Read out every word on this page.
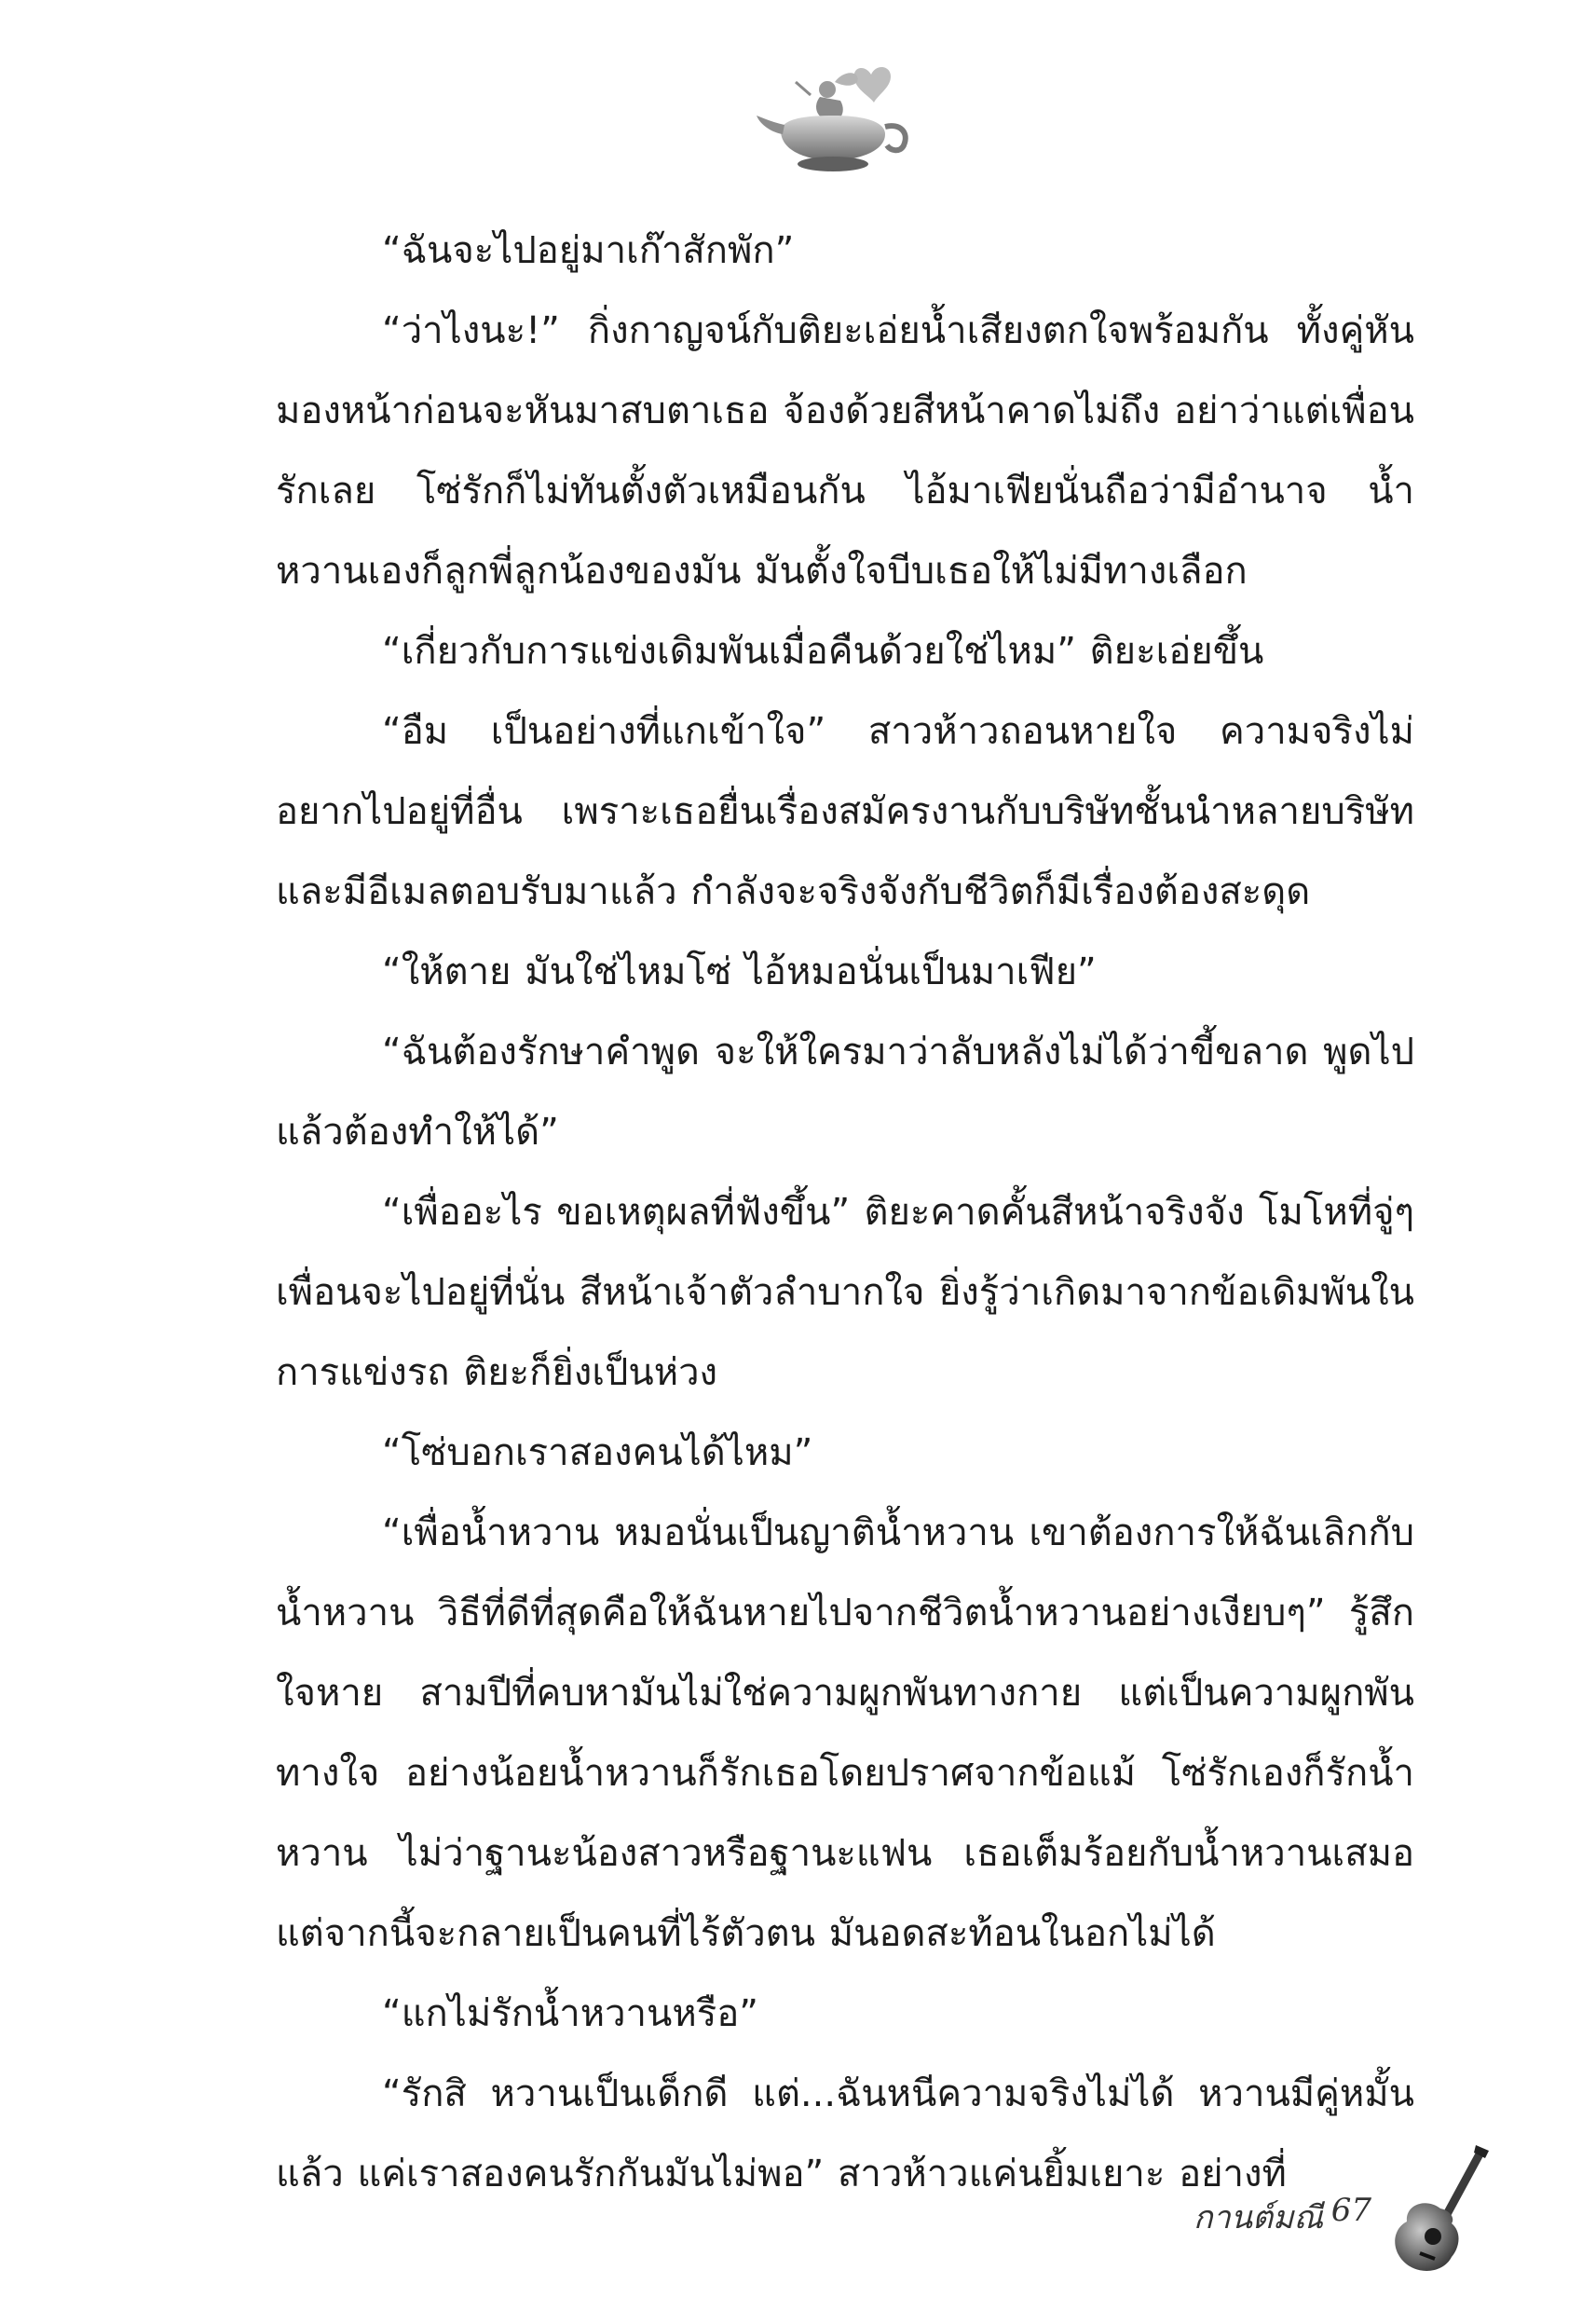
“ฉันจะไปอยู่มาเก๊าสักพัก”

“ว่าไงนะ!” กิ่งกาญจน์กับติยะเอ่ยน้ำเสียงตกใจพร้อมกัน ทั้งคู่หันมองหน้าก่อนจะหันมาสบตาเธอ จ้องด้วยสีหน้าคาดไม่ถึง อย่าว่าแต่เพื่อนรักเลย โซ่รักก็ไม่ทันตั้งตัวเหมือนกัน ไอ้มาเฟียนั่นถือว่ามีอำนาจ น้ำหวานเองก็ลูกพี่ลูกน้องของมัน มันตั้งใจบีบเธอให้ไม่มีทางเลือก

“เกี่ยวกับการแข่งเดิมพันเมื่อคืนด้วยใช่ไหม” ติยะเอ่ยขึ้น

“อืม เป็นอย่างที่แกเข้าใจ” สาวห้าวถอนหายใจ ความจริงไม่อยากไปอยู่ที่อื่น เพราะเธอยื่นเรื่องสมัครงานกับบริษัทชั้นนำหลายบริษัท และมีอีเมลตอบรับมาแล้ว กำลังจะจริงจังกับชีวิตก็มีเรื่องต้องสะดุด

“ให้ตาย มันใช่ไหมโซ่ ไอ้หมอนั่นเป็นมาเฟีย”

“ฉันต้องรักษาคำพูด จะให้ใครมาว่าลับหลังไม่ได้ว่าขี้ขลาด พูดไปแล้วต้องทำให้ได้”

“เพื่ออะไร ขอเหตุผลที่ฟังขึ้น” ติยะคาดคั้นสีหน้าจริงจัง โมโหที่จู่ๆ เพื่อนจะไปอยู่ที่นั่น สีหน้าเจ้าตัวลำบากใจ ยิ่งรู้ว่าเกิดมาจากข้อเดิมพันในการแข่งรถ ติยะก็ยิ่งเป็นห่วง

“โซ่บอกเราสองคนได้ไหม”

“เพื่อน้ำหวาน หมอนั่นเป็นญาติน้ำหวาน เขาต้องการให้ฉันเลิกกับน้ำหวาน วิธีที่ดีที่สุดคือให้ฉันหายไปจากชีวิตน้ำหวานอย่างเงียบๆ” รู้สึกใจหาย สามปีที่คบหามันไม่ใช่ความผูกพันทางกาย แต่เป็นความผูกพันทางใจ อย่างน้อยน้ำหวานก็รักเธอโดยปราศจากข้อแม้ โซ่รักเองก็รักน้ำหวาน ไม่ว่าฐานะน้องสาวหรือฐานะแฟน เธอเต็มร้อยกับน้ำหวานเสมอ แต่จากนี้จะกลายเป็นคนที่ไร้ตัวตน มันอดสะท้อนในอกไม่ได้

“แกไม่รักน้ำหวานหรือ”

“รักสิ หวานเป็นเด็กดี แต่...ฉันหนีความจริงไม่ได้ หวานมีคู่หมั้นแล้ว แค่เราสองคนรักกันมันไม่พอ” สาวห้าวแค่นยิ้มเยาะ อย่างที่

กานต์มณี 67
